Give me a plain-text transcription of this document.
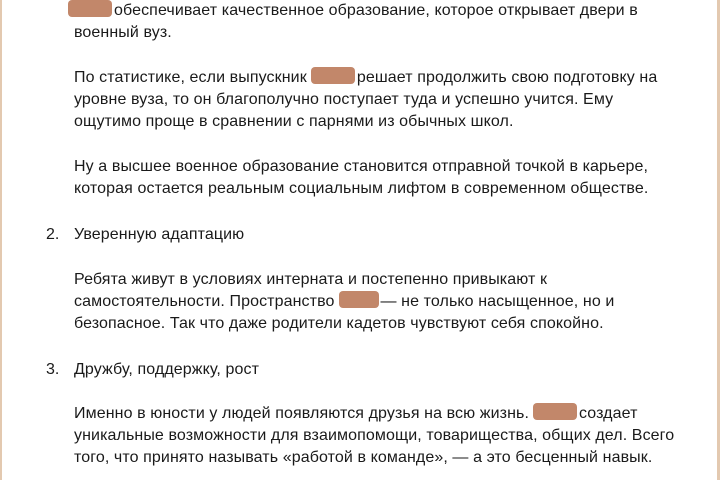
обеспечивает качественное образование, которое открывает двери в
военный вуз.
По статистике, если выпускник	решает продолжить свою подготовку на
уровне вуза, то он благополучно поступает туда и успешно учится. Ему
ощутимо проще в сравнении с парнями из обычных школ.
Ну а высшее военное образование становится отправной точкой в карьере,
которая остается реальным социальным лифтом в современном обществе.
2. Уверенную адаптацию
Ребята живут в условиях интерната и постепенно привыкают к
самостоятельности. Пространство	— не только насыщенное, но и
безопасное. Так что даже родители кадетов чувствуют себя спокойно.
3. Дружбу, поддержку, рост
Именно в юности у людей появляются друзья на всю жизнь.	создает
уникальные возможности для взаимопомощи, товарищества, общих дел. Всего
того, что принято называть «работой в команде», — а это бесценный навык.
